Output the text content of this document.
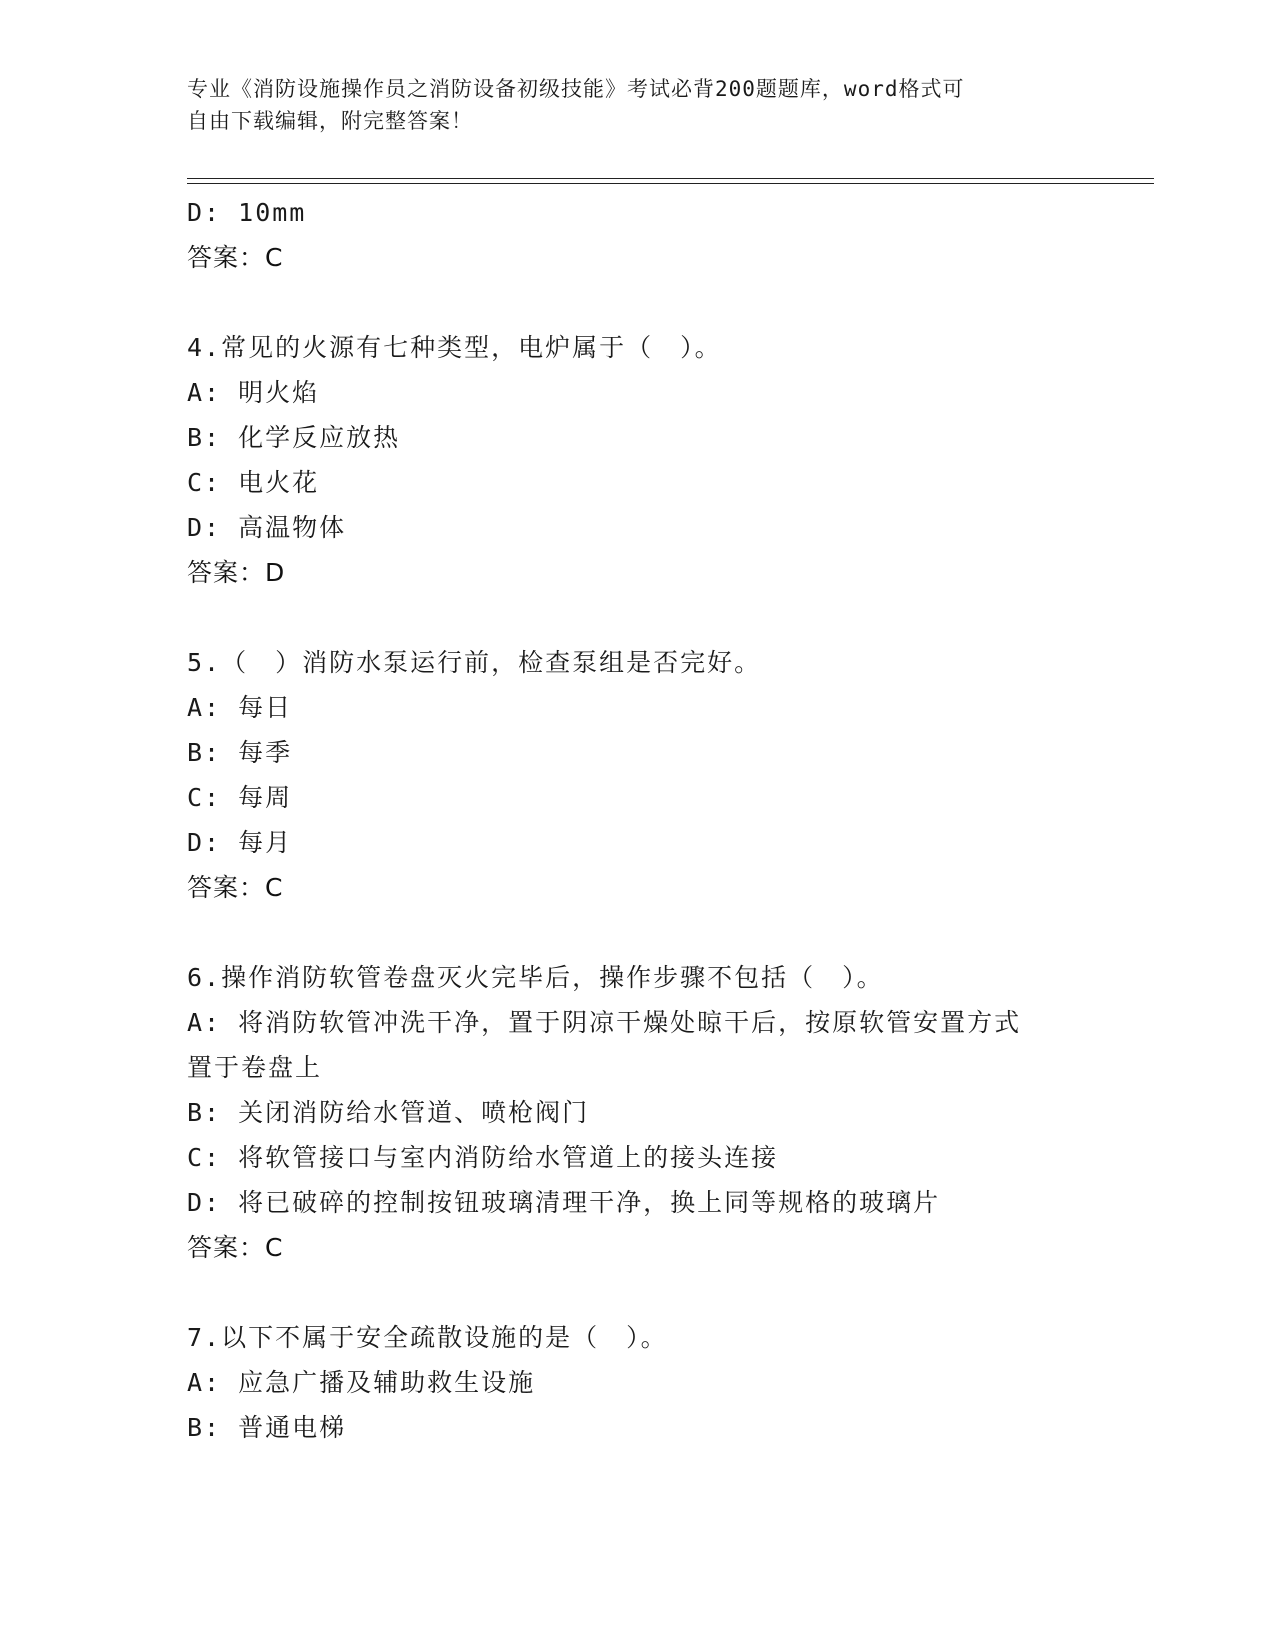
专业《消防设施操作员之消防设备初级技能》考试必背200题题库，word格式可
自由下载编辑，附完整答案！
D: 10mm
答案：C
4.常见的火源有七种类型，电炉属于（　）。
A: 明火焰
B: 化学反应放热
C: 电火花
D: 高温物体
答案：D
5.（　）消防水泵运行前，检查泵组是否完好。
A: 每日
B: 每季
C: 每周
D: 每月
答案：C
6.操作消防软管卷盘灭火完毕后，操作步骤不包括（　）。
A: 将消防软管冲洗干净，置于阴凉干燥处晾干后，按原软管安置方式
置于卷盘上
B: 关闭消防给水管道、喷枪阀门
C: 将软管接口与室内消防给水管道上的接头连接
D: 将已破碎的控制按钮玻璃清理干净，换上同等规格的玻璃片
答案：C
7.以下不属于安全疏散设施的是（　）。
A: 应急广播及辅助救生设施
B: 普通电梯
